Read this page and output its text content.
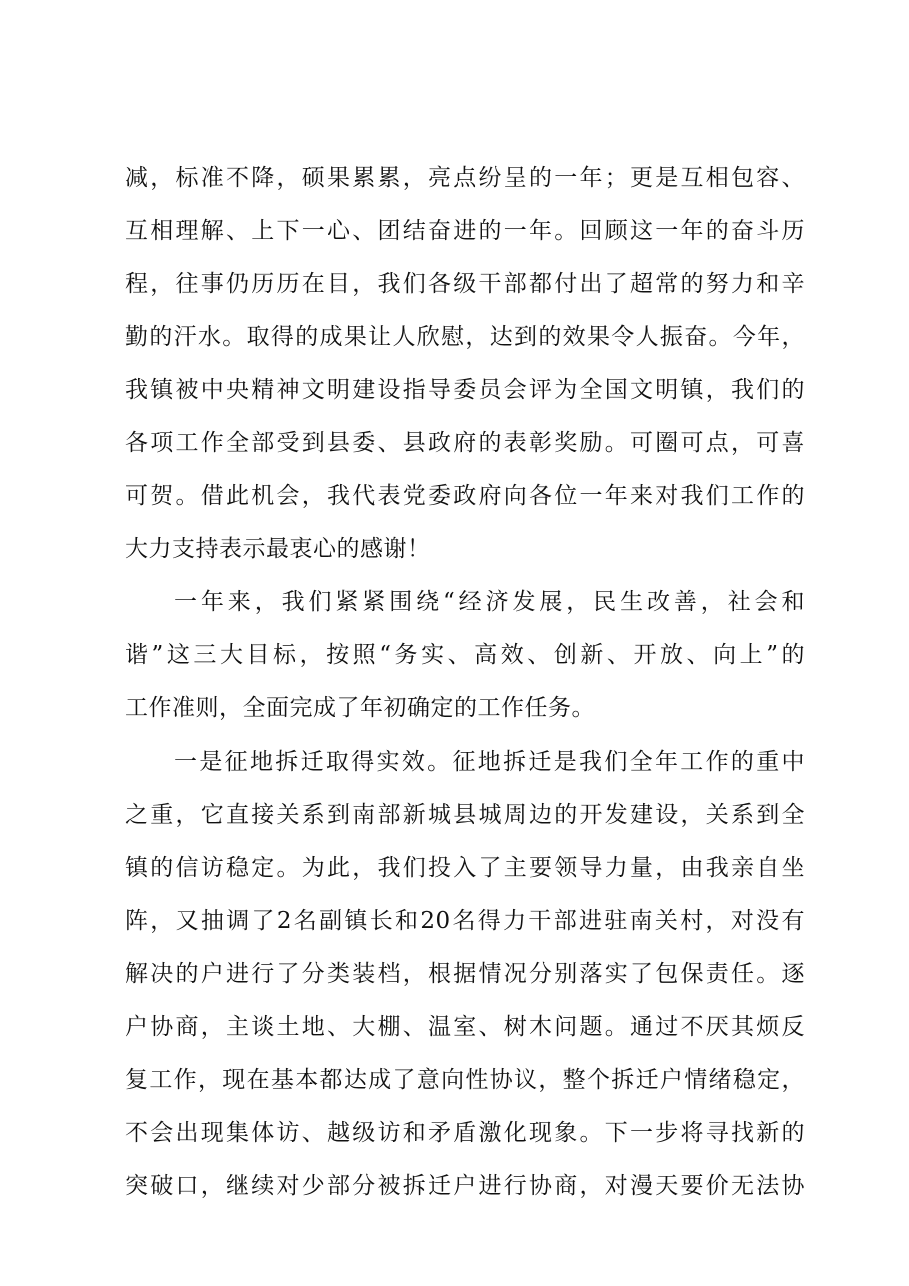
减，标准不降，硕果累累，亮点纷呈的一年；更是互相包容、
互相理解、上下一心、团结奋进的一年。回顾这一年的奋斗历
程，往事仍历历在目，我们各级干部都付出了超常的努力和辛
勤的汗水。取得的成果让人欣慰，达到的效果令人振奋。今年，
我镇被中央精神文明建设指导委员会评为全国文明镇，我们的
各项工作全部受到县委、县政府的表彰奖励。可圈可点，可喜
可贺。借此机会，我代表党委政府向各位一年来对我们工作的
大力支持表示最衷心的感谢！
一年来，我们紧紧围绕“经济发展，民生改善，社会和
谐”这三大目标，按照“务实、高效、创新、开放、向上”的
工作准则，全面完成了年初确定的工作任务。
一是征地拆迁取得实效。征地拆迁是我们全年工作的重中
之重，它直接关系到南部新城县城周边的开发建设，关系到全
镇的信访稳定。为此，我们投入了主要领导力量，由我亲自坐
阵，又抽调了2名副镇长和20名得力干部进驻南关村，对没有
解决的户进行了分类装档，根据情况分别落实了包保责任。逐
户协商，主谈土地、大棚、温室、树木问题。通过不厌其烦反
复工作，现在基本都达成了意向性协议，整个拆迁户情绪稳定，
不会出现集体访、越级访和矛盾激化现象。下一步将寻找新的
突破口，继续对少部分被拆迁户进行协商，对漫天要价无法协
